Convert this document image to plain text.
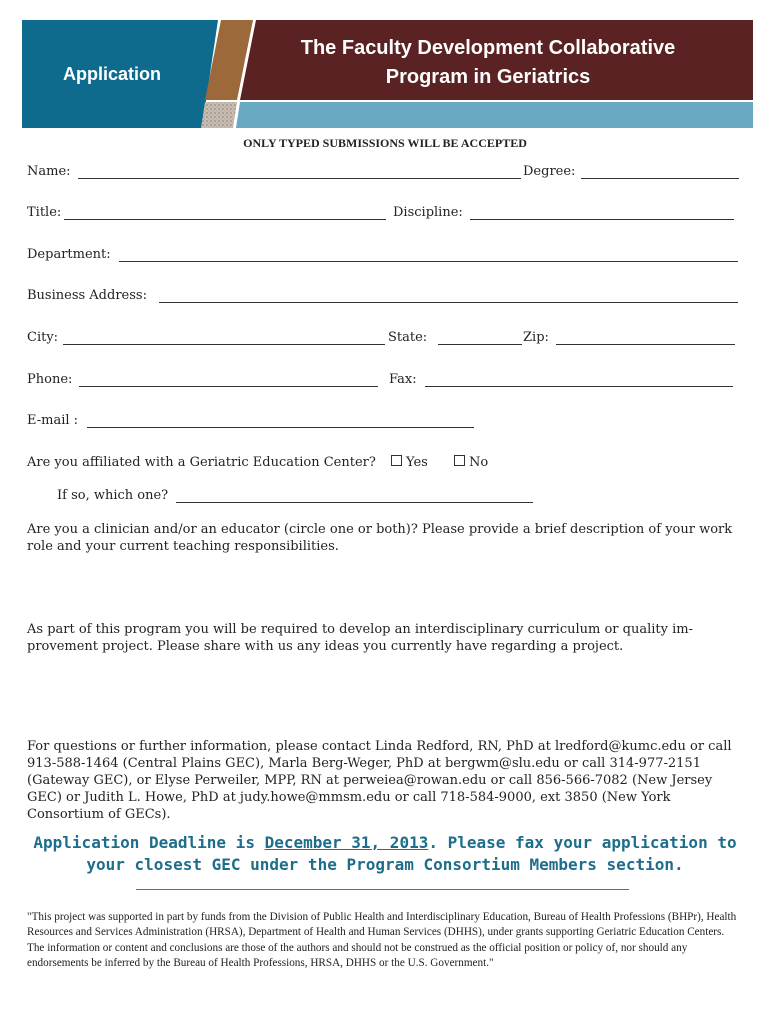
Application
The Faculty Development Collaborative
Program in Geriatrics
ONLY TYPED SUBMISSIONS WILL BE ACCEPTED
Name:	Degree:
Title:	Discipline:
Department:
Business Address:
City:	State:	Zip:
Phone:	Fax:
E-mail :
Are you affiliated with a Geriatric Education Center?	Yes	No
If so, which one?
Are you a clinician and/or an educator (circle one or both)? Please provide a brief description of your work role and your current teaching responsibilities.
As part of this program you will be required to develop an interdisciplinary curriculum or quality im-provement project. Please share with us any ideas you currently have regarding a project.
For questions or further information, please contact Linda Redford, RN, PhD at lredford@kumc.edu or call 913-588-1464 (Central Plains GEC), Marla Berg-Weger, PhD at bergwm@slu.edu or call 314-977-2151 (Gateway GEC), or Elyse Perweiler, MPP, RN at perweiea@rowan.edu or call 856-566-7082 (New Jersey GEC) or Judith L. Howe, PhD at judy.howe@mmsm.edu or call 718-584-9000, ext 3850 (New York Consortium of GECs).
Application Deadline is December 31, 2013. Please fax your application to your closest GEC under the Program Consortium Members section.
"This project was supported in part by funds from the Division of Public Health and Interdisciplinary Education, Bureau of Health Professions (BHPr), Health Resources and Services Administration (HRSA), Department of Health and Human Services (DHHS), under grants supporting Geriatric Education Centers. The information or content and conclusions are those of the authors and should not be construed as the official position or policy of, nor should any endorsements be inferred by the Bureau of Health Professions, HRSA, DHHS or the U.S. Government."
